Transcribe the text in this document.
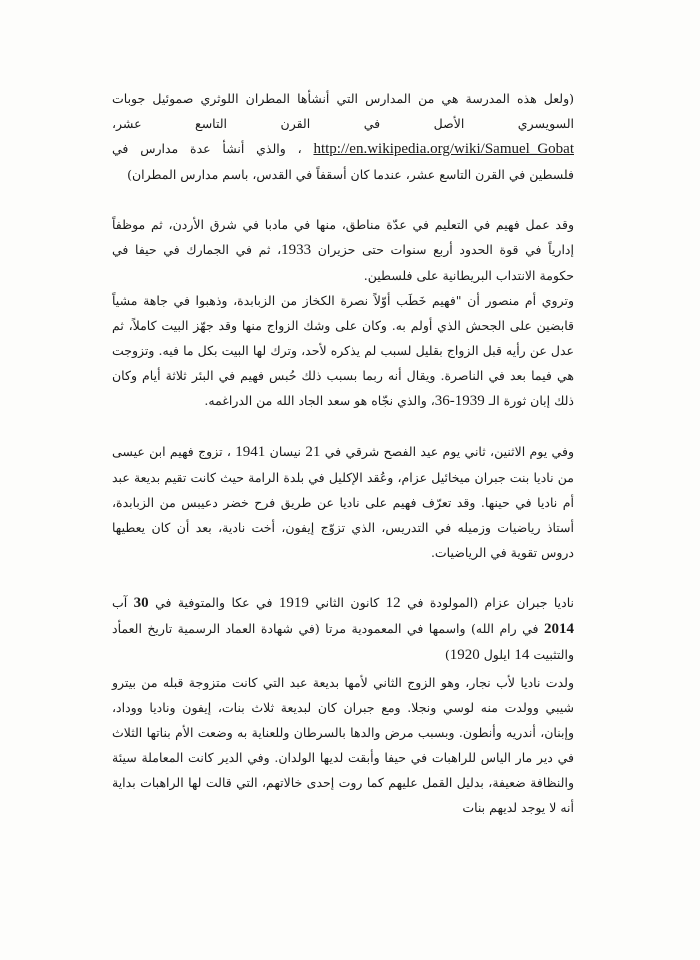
(ولعل هذه المدرسة هي من المدارس التي أنشأها المطران اللوثري صموئيل جوبات السويسري الأصل في القرن التاسع عشر، http://en.wikipedia.org/wiki/Samuel_Gobat ، والذي أنشأ عدة مدارس في فلسطين في القرن التاسع عشر، عندما كان أسقفاً في القدس، باسم مدارس المطران)

وقد عمل فهيم في التعليم في عدّة مناطق، منها في مادبا في شرق الأردن، ثم موظفاً إدارياً في قوة الحدود أربع سنوات حتى حزيران 1933، ثم في الجمارك في حيفا في حكومة الانتداب البريطانية على فلسطين.

وتروي أم منصور أن "فهيم خَطَب أوّلاً نصرة الكخاز من الزبابدة، وذهبوا في جاهة مشياً قابضين على الجحش الذي أولم به. وكان على وشك الزواج منها وقد جهّز البيت كاملاً، ثم عدل عن رأيه قبل الزواج بقليل لسبب لم يذكره لأحد، وترك لها البيت بكل ما فيه. وتزوجت هي فيما بعد في الناصرة. ويقال أنه ربما بسبب ذلك حُبس فهيم في البئر ثلاثة أيام وكان ذلك إبان ثورة الـ 36-1939، والذي نجّاه هو سعد الجاد الله من الدراغمه.

وفي يوم الاثنين، ثاني يوم عيد الفصح شرقي في 21 نيسان 1941 ، تزوج فهيم ابن عيسى من ناديا بنت جبران ميخائيل عزام، وعُقد الإكليل في بلدة الرامة حيث كانت تقيم بديعة عبد أم ناديا في حينها. وقد تعرّف فهيم على ناديا عن طريق فرح خضر دعيبس من الزبابدة، أستاذ رياضيات وزميله في التدريس، الذي تزوّج إيفون، أخت نادية، بعد أن كان يعطيها دروس تقوية في الرياضيات.

ناديا جبران عزام (المولودة في 12 كانون الثاني 1919 في عكا والمتوفية في 30 آب 2014 في رام الله) واسمها في المعمودية مرتا (في شهادة العماد الرسمية تاريخ العمأد والتثبيت 14 ايلول 1920)

ولدت ناديا لأب نجار، وهو الزوج الثاني لأمها بديعة عبد التي كانت متزوجة قبله من بيترو شيبي وولدت منه لوسي ونجلا. ومع جبران كان لبديعة ثلاث بنات، إيفون وناديا ووداد، وإبنان، أندريه وأنطون. وبسبب مرض والدها بالسرطان وللعناية به وضعت الأم بناتها الثلاث في دير مار الياس للراهبات في حيفا وأبقت لديها الولدان. وفي الدير كانت المعاملة سيئة والنظافة ضعيفة، بدليل القمل عليهم كما روت إحدى خالاتهم، التي قالت لها الراهبات بداية أنه لا يوجد لديهم بنات
